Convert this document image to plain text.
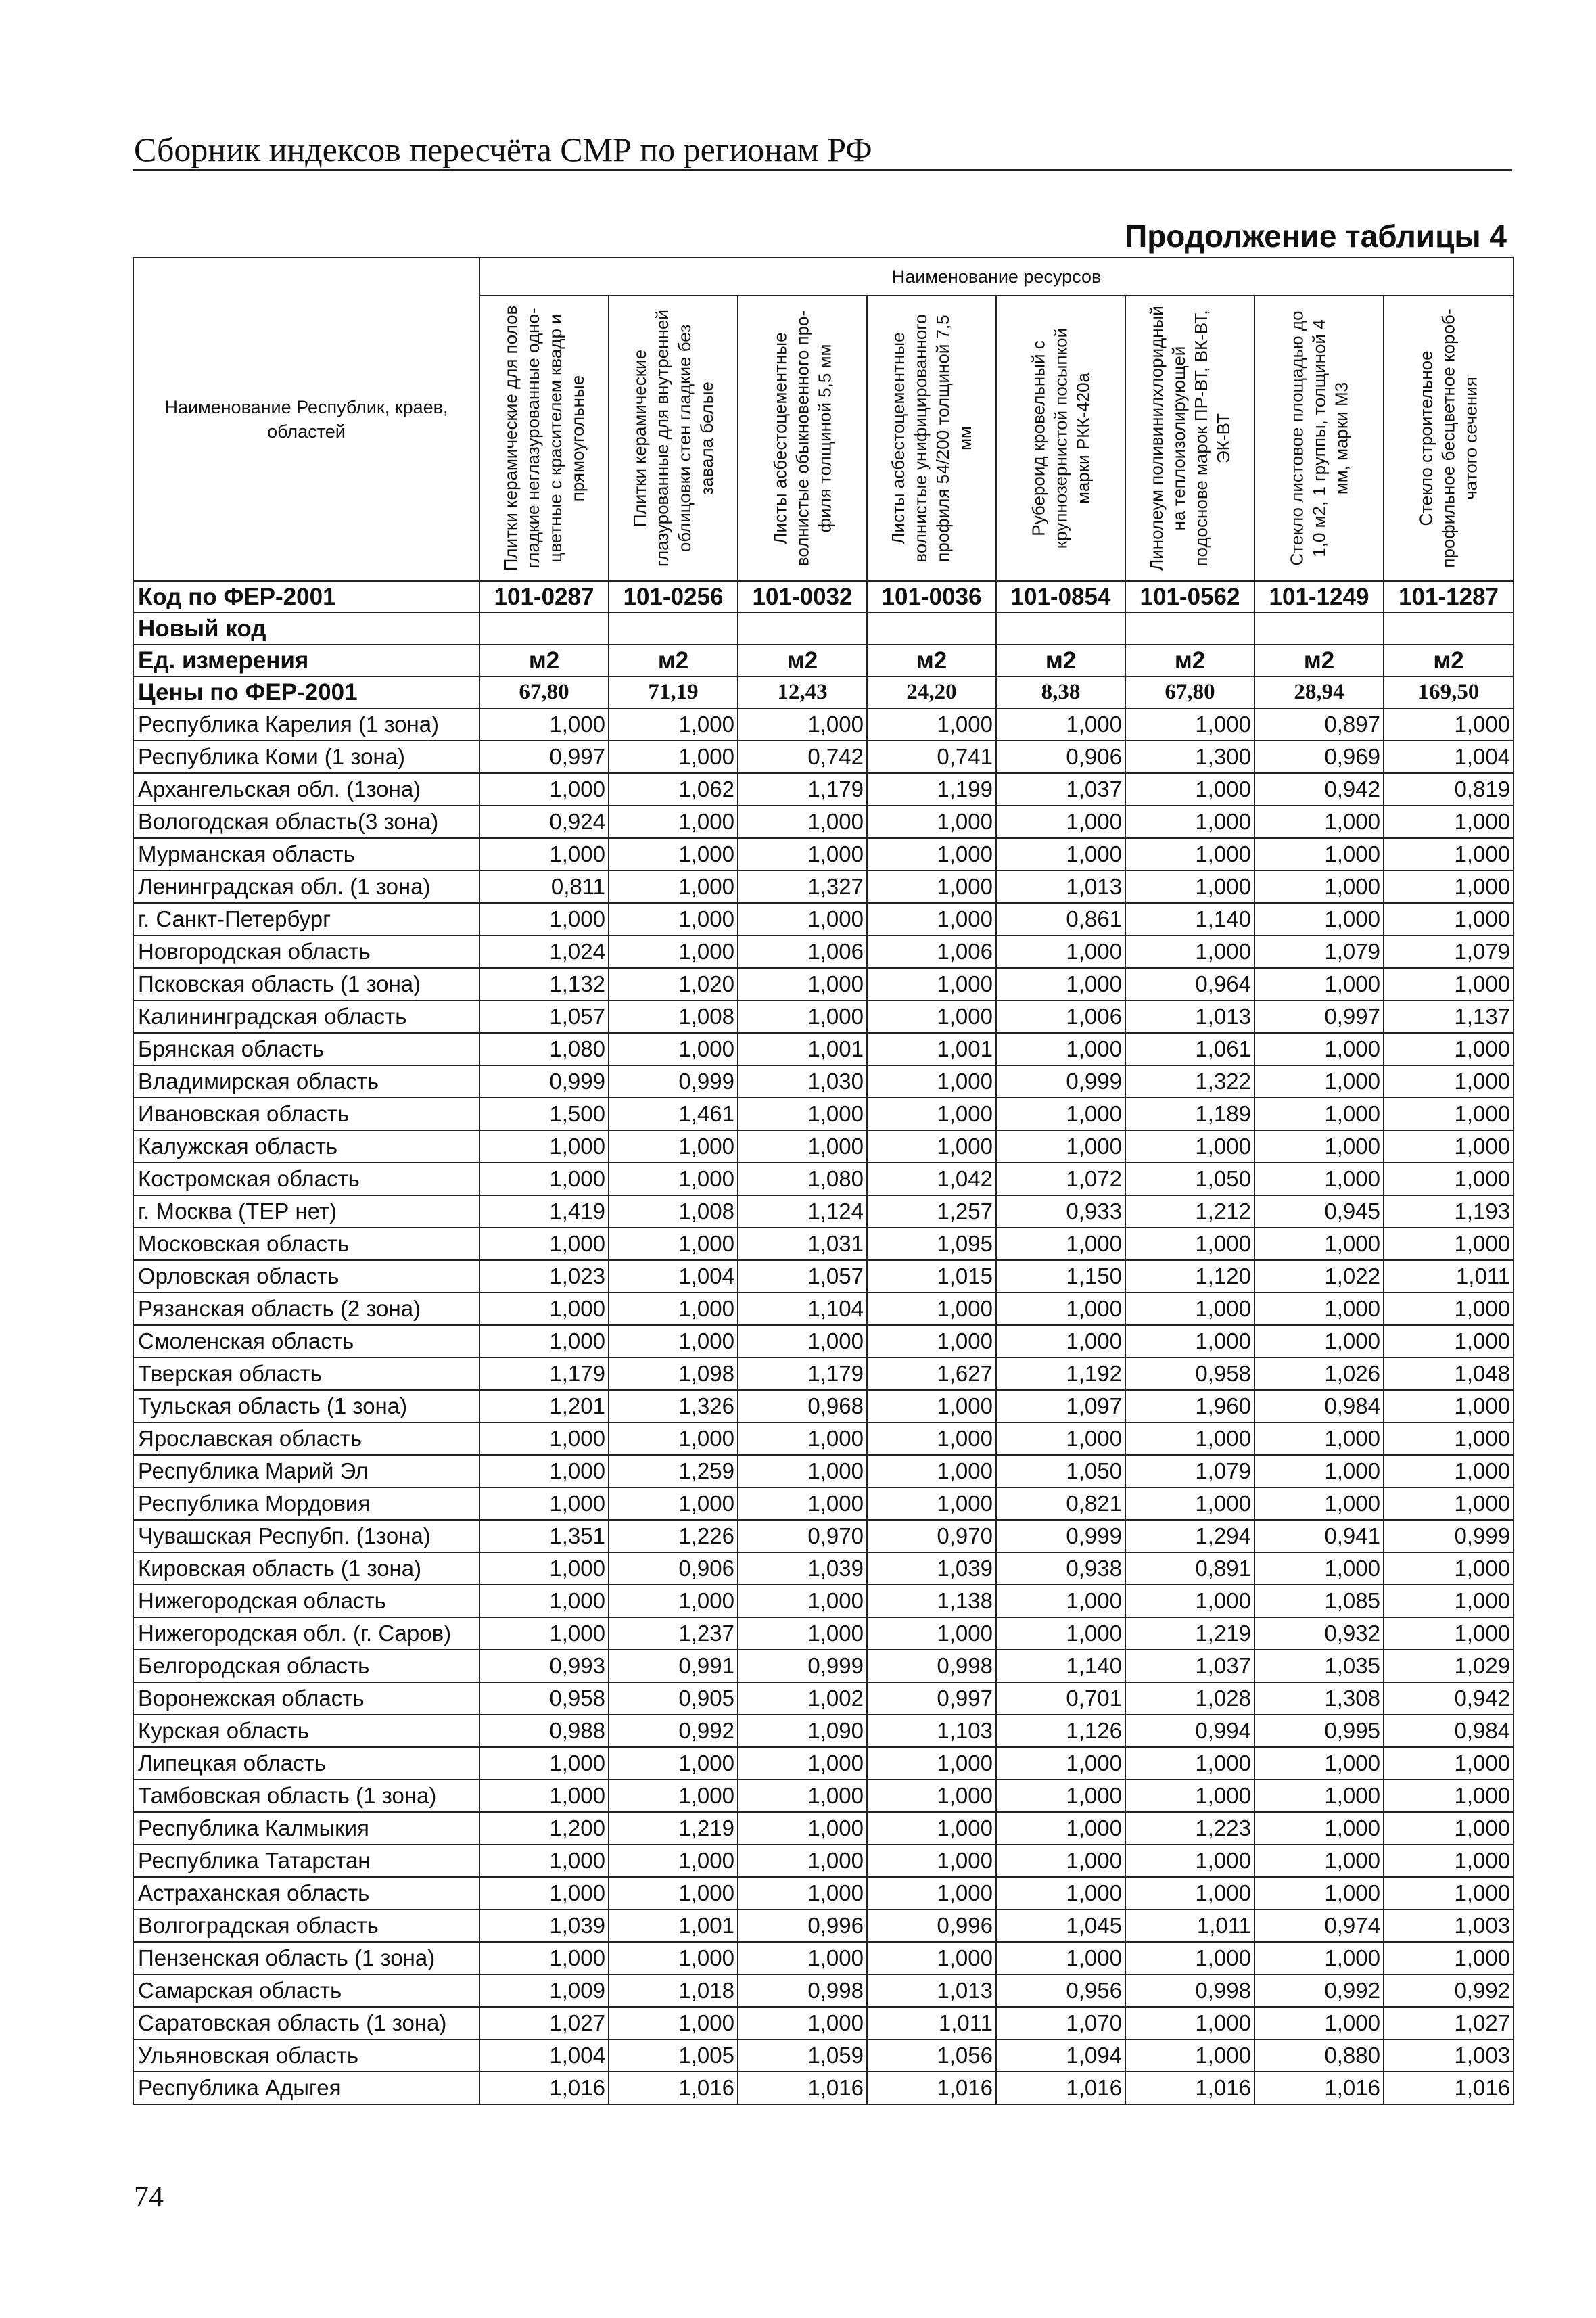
Сборник индексов пересчёта СМР по регионам РФ
Продолжение таблицы 4
Наименование Республик, краев, областей	Наименование ресурсов							

	Плитки керамические для полов гладкие неглазурованные одно-цветные с красителем квадр и прямоугольные	Плитки керамические глазурованные для внутренней облицовки стен гладкие без завала белые	Листы асбестоцементные волнистые обыкновенного про-филя толщиной 5,5 мм	Листы асбестоцементные волнистые унифицированного профиля 54/200 толщиной 7,5 мм	Рубероид кровельный с крупнозернистой посыпкой марки РКК-420а	Линолеум поливинилхлоридный на теплоизолирующей подоснове марок ПР-ВТ, ВК-ВТ, ЭК-ВТ	Стекло листовое площадью до 1,0 м2, 1 группы, толщиной 4 мм, марки М3	Стекло строительное профильное бесцветное короб-чатого сечения

Код по ФЕР-2001	101-0287	101-0256	101-0032	101-0036	101-0854	101-0562	101-1249	101-1287
Новый код								
Ед. измерения	м2	м2	м2	м2	м2	м2	м2	м2
Цены по ФЕР-2001	67,80	71,19	12,43	24,20	8,38	67,80	28,94	169,50
Республика Карелия (1 зона)	1,000	1,000	1,000	1,000	1,000	1,000	0,897	1,000
Республика Коми (1 зона)	0,997	1,000	0,742	0,741	0,906	1,300	0,969	1,004
Архангельская обл. (1зона)	1,000	1,062	1,179	1,199	1,037	1,000	0,942	0,819
Вологодская область(3 зона)	0,924	1,000	1,000	1,000	1,000	1,000	1,000	1,000
Мурманская область	1,000	1,000	1,000	1,000	1,000	1,000	1,000	1,000
Ленинградская обл. (1 зона)	0,811	1,000	1,327	1,000	1,013	1,000	1,000	1,000
г. Санкт-Петербург	1,000	1,000	1,000	1,000	0,861	1,140	1,000	1,000
Новгородская область	1,024	1,000	1,006	1,006	1,000	1,000	1,079	1,079
Псковская область (1 зона)	1,132	1,020	1,000	1,000	1,000	0,964	1,000	1,000
Калининградская область	1,057	1,008	1,000	1,000	1,006	1,013	0,997	1,137
Брянская область	1,080	1,000	1,001	1,001	1,000	1,061	1,000	1,000
Владимирская область	0,999	0,999	1,030	1,000	0,999	1,322	1,000	1,000
Ивановская область	1,500	1,461	1,000	1,000	1,000	1,189	1,000	1,000
Калужская область	1,000	1,000	1,000	1,000	1,000	1,000	1,000	1,000
Костромская область	1,000	1,000	1,080	1,042	1,072	1,050	1,000	1,000
г. Москва (ТЕР нет)	1,419	1,008	1,124	1,257	0,933	1,212	0,945	1,193
Московская область	1,000	1,000	1,031	1,095	1,000	1,000	1,000	1,000
Орловская область	1,023	1,004	1,057	1,015	1,150	1,120	1,022	1,011
Рязанская область (2 зона)	1,000	1,000	1,104	1,000	1,000	1,000	1,000	1,000
Смоленская область	1,000	1,000	1,000	1,000	1,000	1,000	1,000	1,000
Тверская область	1,179	1,098	1,179	1,627	1,192	0,958	1,026	1,048
Тульская область (1 зона)	1,201	1,326	0,968	1,000	1,097	1,960	0,984	1,000
Ярославская область	1,000	1,000	1,000	1,000	1,000	1,000	1,000	1,000
Республика Марий Эл	1,000	1,259	1,000	1,000	1,050	1,079	1,000	1,000
Республика Мордовия	1,000	1,000	1,000	1,000	0,821	1,000	1,000	1,000
Чувашская Респубп. (1зона)	1,351	1,226	0,970	0,970	0,999	1,294	0,941	0,999
Кировская область (1 зона)	1,000	0,906	1,039	1,039	0,938	0,891	1,000	1,000
Нижегородская область	1,000	1,000	1,000	1,138	1,000	1,000	1,085	1,000
Нижегородская обл. (г. Саров)	1,000	1,237	1,000	1,000	1,000	1,219	0,932	1,000
Белгородская область	0,993	0,991	0,999	0,998	1,140	1,037	1,035	1,029
Воронежская область	0,958	0,905	1,002	0,997	0,701	1,028	1,308	0,942
Курская область	0,988	0,992	1,090	1,103	1,126	0,994	0,995	0,984
Липецкая область	1,000	1,000	1,000	1,000	1,000	1,000	1,000	1,000
Тамбовская область (1 зона)	1,000	1,000	1,000	1,000	1,000	1,000	1,000	1,000
Республика Калмыкия	1,200	1,219	1,000	1,000	1,000	1,223	1,000	1,000
Республика Татарстан	1,000	1,000	1,000	1,000	1,000	1,000	1,000	1,000
Астраханская область	1,000	1,000	1,000	1,000	1,000	1,000	1,000	1,000
Волгоградская область	1,039	1,001	0,996	0,996	1,045	1,011	0,974	1,003
Пензенская область (1 зона)	1,000	1,000	1,000	1,000	1,000	1,000	1,000	1,000
Самарская область	1,009	1,018	0,998	1,013	0,956	0,998	0,992	0,992
Саратовская область (1 зона)	1,027	1,000	1,000	1,011	1,070	1,000	1,000	1,027
Ульяновская область	1,004	1,005	1,059	1,056	1,094	1,000	0,880	1,003
Республика Адыгея	1,016	1,016	1,016	1,016	1,016	1,016	1,016	1,016
74
